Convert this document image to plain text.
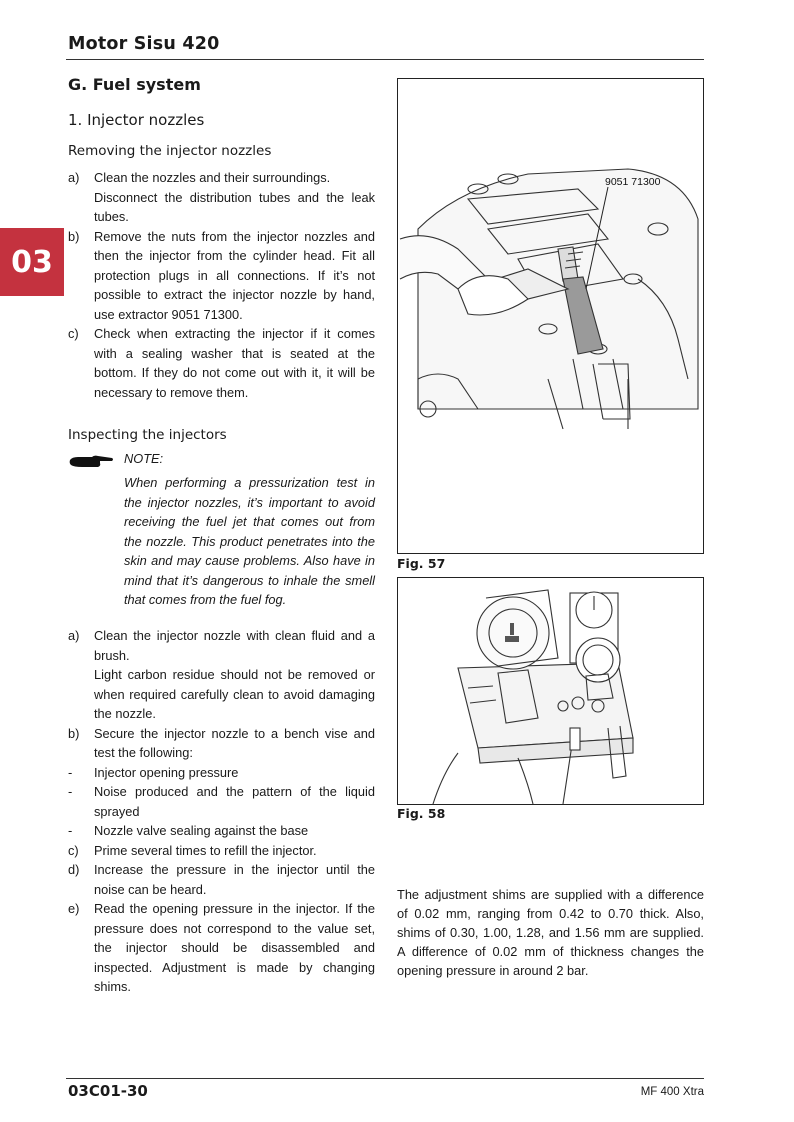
Motor Sisu 420
03
G. Fuel system
1. Injector nozzles
Removing the injector nozzles
a) Clean the nozzles and their surroundings.
Disconnect the distribution tubes and the leak tubes.
b) Remove the nuts from the injector nozzles and then the injector from the cylinder head. Fit all protection plugs in all connections. If it’s not possible to extract the injector nozzle by hand, use extractor 9051 71300.
c) Check when extracting the injector if it comes with a sealing washer that is seated at the bottom. If they do not come out with it, it will be necessary to remove them.
Inspecting the injectors
NOTE:
When performing a pressurization test in the injector nozzles, it’s important to avoid receiving the fuel jet that comes out from the nozzle. This product penetrates into the skin and may cause problems. Also have in mind that it’s dangerous to inhale the smell that comes from the fuel fog.
a) Clean the injector nozzle with clean fluid and a brush.
Light carbon residue should not be removed or when required carefully clean to avoid damaging the nozzle.
b) Secure the injector nozzle to a bench vise and test the following:
- Injector opening pressure
- Noise produced and the pattern of the liquid sprayed
- Nozzle valve sealing against the base
c) Prime several times to refill the injector.
d) Increase the pressure in the injector until the noise can be heard.
e) Read the opening pressure in the injector. If the pressure does not correspond to the value set, the injector should be disassembled and inspected. Adjustment is made by changing shims.
9051 71300
Fig. 57
Fig. 58
The adjustment shims are supplied with a difference of 0.02 mm, ranging from 0.42 to 0.70 thick. Also, shims of 0.30, 1.00, 1.28, and 1.56 mm are supplied. A difference of 0.02 mm of thickness changes the opening pressure in around 2 bar.
03C01-30	MF 400 Xtra
